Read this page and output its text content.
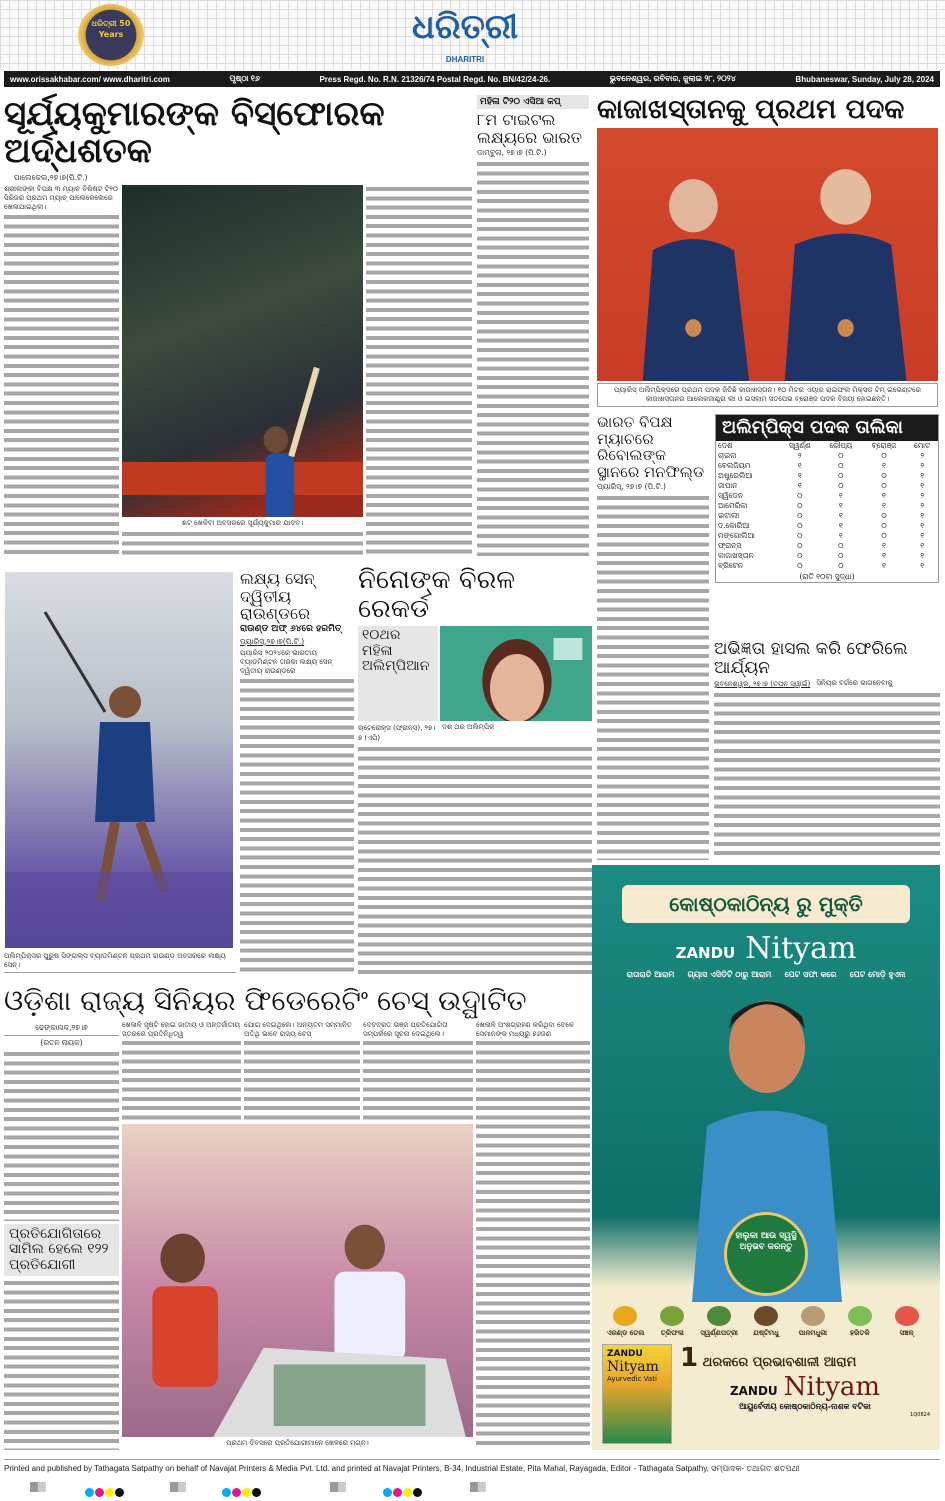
ଧରିତ୍ରୀ 50 Years	ଧରିତ୍ରୀ
DHARITRI
www.orissakhabar.com/ www.dharitri.com	ପୃଷ୍ଠା ୧୬	Press Regd. No. R.N. 21326/74 Postal Regd. No. BN/42/24-26.	ଭୁବନେଶ୍ୱର, ରବିବାର, ଜୁଲାଇ ୨୮, ୨୦୨୪	Bhubaneswar, Sunday, July 28, 2024
ସୂର୍ଯ୍ୟକୁମାରଙ୍କ ବିସ୍ଫୋରକ ଅର୍ଦ୍ଧଶତକ
ପାଲେକେଲ,୨୭।୭(ପି.ଟି.)
ଶ୍ରୀଲଙ୍କା ବିପକ୍ଷ ୩ ମ୍ୟାଚ ବିଶିଷ୍ଟ ଟି୨୦ ସିରିଜର ପ୍ରଥମ ମ୍ୟାଚ୍ ପାଲେକେଲେରେ ଖେଳାଯାଇଥିଲା।
ଶଟ୍ ଖେଳିବା ଅବସରରେ ସୂର୍ଯ୍ୟକୁମାର ଯାଦବ।
ମହିଳା ଟି୨୦ ଏସିଆ କପ୍
୮ମ ଟାଇଟଲ ଲକ୍ଷ୍ୟରେ ଭାରତ
ଡାମ୍ବୁଲା, ୨୭।୭ (ପି.ଟି.)
କାଜାଖସ୍ତାନକୁ ପ୍ରଥମ ପଦକ
ପ୍ୟାରିସ୍ ଅଲିମ୍ପିକ୍ସରେ ପ୍ରଥମ ପଦକ ଜିତିଛି କାଜାଖସ୍ତାନ। ୧୦ ମିଟର ଏୟାର ରାଇଫଲ ମିକ୍ସଡ ଟିମ୍ ଇଭେଣ୍ଟରେ କାଜାଖସ୍ତାନର ଆଲେକଜାଣ୍ଡ୍ରା ଲୀ ଓ ଇସଲାମ ସତପେଭ ବ୍ରୋଞ୍ଜ ପଦକ ବିଜୟୀ ହୋଇଛନ୍ତି।
ଭାରତ ବିପକ୍ଷ ମ୍ୟାଚରେ ରିବୋଲଙ୍କ ସ୍ଥାନରେ ମନଫିଲ୍ଡ
ପ୍ୟାରିସ୍, ୨୭।୭ (ପି.ଟି.)
ଅଲିମ୍ପିକ୍ସ ପଦକ ତାଲିକା
ଦେଶ	ସ୍ୱର୍ଣ୍ଣ	ରୌପ୍ୟ	ବ୍ରୋଞ୍ଜ	ମୋଟ
ଚାଇନା	୨	୦	୦	୨
ବେଲଜିୟମ	୧	୦	୧	୨
ଅଷ୍ଟ୍ରେଲିଆ	୧	୦	୦	୧
ଜାପାନ	୧	୦	୦	୧
ସ୍ୱିଡେନ	୦	୧	୧	୨
ଆମେରିକା	୦	୧	୧	୨
ଇଟାଲୀ	୦	୧	୦	୧
ଦ.କୋରିଆ	୦	୧	୦	୧
ମଙ୍ଗୋଲିଆ	୦	୧	୦	୧
ଫ୍ରାନ୍ସ	୦	୦	୧	୧
କାଜାଖସ୍ତାନ	୦	୦	୧	୧
ବ୍ରିଟେନ	୦	୦	୧	୧
(ରାତି ୧୦ଟା ସୁଦ୍ଧା)
ଅଭିଜ୍ଞତା ହାସଲ କରି ଫେରିଲେ ଆର୍ଯ୍ୟନ
ଭୁବନେଶ୍ୱର, ୨୭।୭ (ତପନ ସ୍ୱାଇଁ) ସିନିୟର ବର୍ଗରେ ଭାଗନେବାକୁ
ଅଲିମ୍ପିକ୍ସର ପୁରୁଷ ସିଙ୍ଗଲ୍ସ ବ୍ୟାଡମିଣ୍ଟନ ପ୍ରଥମ ରାଉଣ୍ଡ ଅବସରରେ ଲକ୍ଷ୍ୟ ସେନ୍।
ଲକ୍ଷ୍ୟ ସେନ୍ ଦ୍ୱିତୀୟ ରାଉଣ୍ଡରେ
ରାଉଣ୍ଡ ଅଫ୍ ୬୪ରେ ହରମିତ୍
ପ୍ୟାରିସ୍,୨୭।୭(ପି.ଟି.)
ପ୍ୟାରିସ୍ ୨୦୨୪ରେ ଭାରତୀୟ ବ୍ୟାଡମିଣ୍ଟନ ତାରକା ଲକ୍ଷ୍ୟ ସେନ୍ ଦ୍ୱିତୀୟ ରାଉଣ୍ଡରେ
ନିନୋଙ୍କ ବିରଳ ରେକର୍ଡ
୧୦ଥର ମହିଳା ଅଲିମ୍ପିଆନ
ଚାଟେରୋକ୍ସ (ଫ୍ରାନ୍ସ), ୨୭।୭ (ଏପି)
ଦଶ ଥର ଅଲିମ୍ପିକ
ଓଡ଼ିଶା ରାଜ୍ୟ ସିନିୟର ଫିଡେରେଟିଂ ଚେସ୍ ଉଦ୍ଘାଟିତ
ଢେଙ୍କାନାଳ,୨୭।୭
(ରତନ ନାୟକ)
ପ୍ରତିଯୋଗିତାରେ ସାମିଲ ହେଲେ ୧୨୨ ପ୍ରତିଯୋଗୀ
ଖେଳାଳି ସୃଷ୍ଟି ହୋଇ ଜାତୀୟ ଓ ଅନ୍ତର୍ଜାତୀୟ ସ୍ତରରେ ପ୍ରତିନିଧିତ୍ୱ
ଯୋଗ ଦେଇଥିଲେ। ଅନ୍ୟତମ ସମ୍ମାନିତ ଅତିଥି ଭାବେ ରାଜ୍ୟ ଚେସ୍
ଦେବବ୍ରତ ଭଞ୍ଜ ପ୍ରତିଯୋଗିତା ସମ୍ପର୍କରେ ସୂଚନା ଦେଇଥିଲେ।
ପ୍ରଥମ ଦିବସରେ ପ୍ରତିଯୋଗୀମାନେ ଖେଳରେ ମଗ୍ନ।
ଖେଳାଳି ଅଂଶଗ୍ରହଣ କରିଥିବା ବେଳେ ସେମାନଙ୍କ ମଧ୍ୟରୁ ୭୬ଜଣ
କୋଷ୍ଠକାଠିନ୍ୟ ରୁ ମୁକ୍ତି
ZANDU Nityam
ରାତାରାତି ଆରାମ	ଗ୍ୟାସ ଏସିଡିଟି ଠାରୁ ଆରାମ	ପେଟ ସଫା କରେ	ପେଟ ମୋଡ଼ି ହୁଏନା
ହାଲୁକା ଆଉ ସ୍ୱସ୍ଥି ଅନୁଭବ କରନ୍ତୁ
ଏରଣ୍ଡ ତେଲ	ତ୍ରିଫଳା	ସ୍ୱର୍ଣ୍ଣପତ୍ରୀ	ଯଷ୍ଟିମଧୁ	ପାନମଧୁରୀ	ହରିତକି	ସଞ୍ଚଳ୍
ZANDU
Nityam
Ayurvedic Vati
1 ଥରକରେ ପ୍ରଭାବଶାଳୀ ଆରାମ
ZANDU Nityam
ଆୟୁର୍ବେଦୀୟ କୋଷ୍ଠକାଠିନ୍ୟ-ନାଶକ ବଟିକା
1Q0824
Printed and published by Tathagata Satpathy on behalf of Navajat Printers & Media Pvt. Ltd. and printed at Navajat Printers, B-34, Industrial Estate, Pita Mahal, Rayagada, Editor - Tathagata Satpathy, ସମ୍ପାଦକ- ତଥାଗତ ଶତପଥୀ
